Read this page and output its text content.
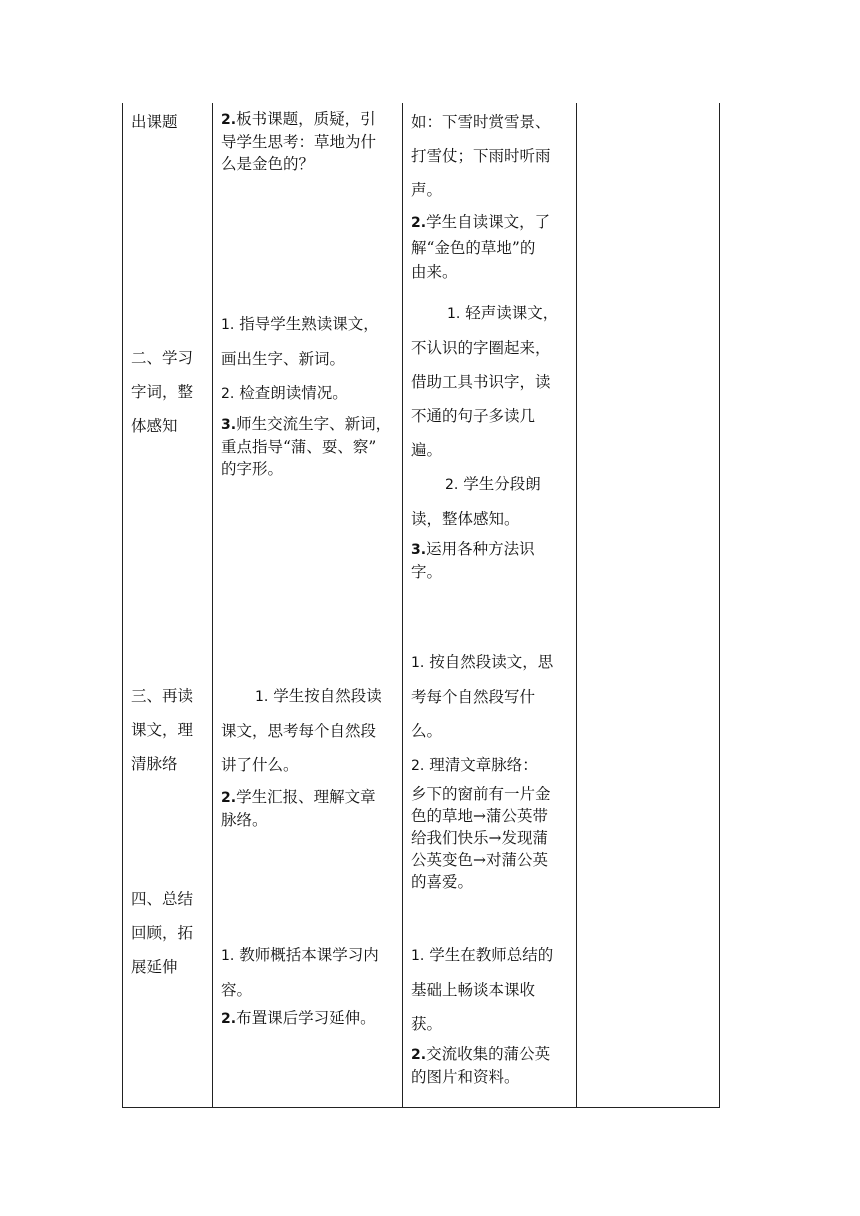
出课题

二、学习

字词，整

体感知

三、再读

课文，理

清脉络

四、总结

回顾，拓

展延伸

2.板书课题，质疑，引

导学生思考：草地为什

么是金色的？

1. 指导学生熟读课文，

画出生字、新词。

2. 检查朗读情况。

3.师生交流生字、新词，

重点指导“蒲、耍、察”

的字形。

1. 学生按自然段读

课文，思考每个自然段

讲了什么。

2.学生汇报、理解文章

脉络。

1. 教师概括本课学习内

容。

2.布置课后学习延伸。

如：下雪时赏雪景、

打雪仗；下雨时听雨

声。

2.学生自读课文，了

解“金色的草地”的

由来。

1. 轻声读课文，

不认识的字圈起来，

借助工具书识字，读

不通的句子多读几

遍。

2. 学生分段朗

读，整体感知。

3.运用各种方法识

字。

1. 按自然段读文，思

考每个自然段写什

么。

2. 理清文章脉络：

乡下的窗前有一片金

色的草地→蒲公英带

给我们快乐→发现蒲

公英变色→对蒲公英

的喜爱。

1. 学生在教师总结的

基础上畅谈本课收

获。

2.交流收集的蒲公英

的图片和资料。
